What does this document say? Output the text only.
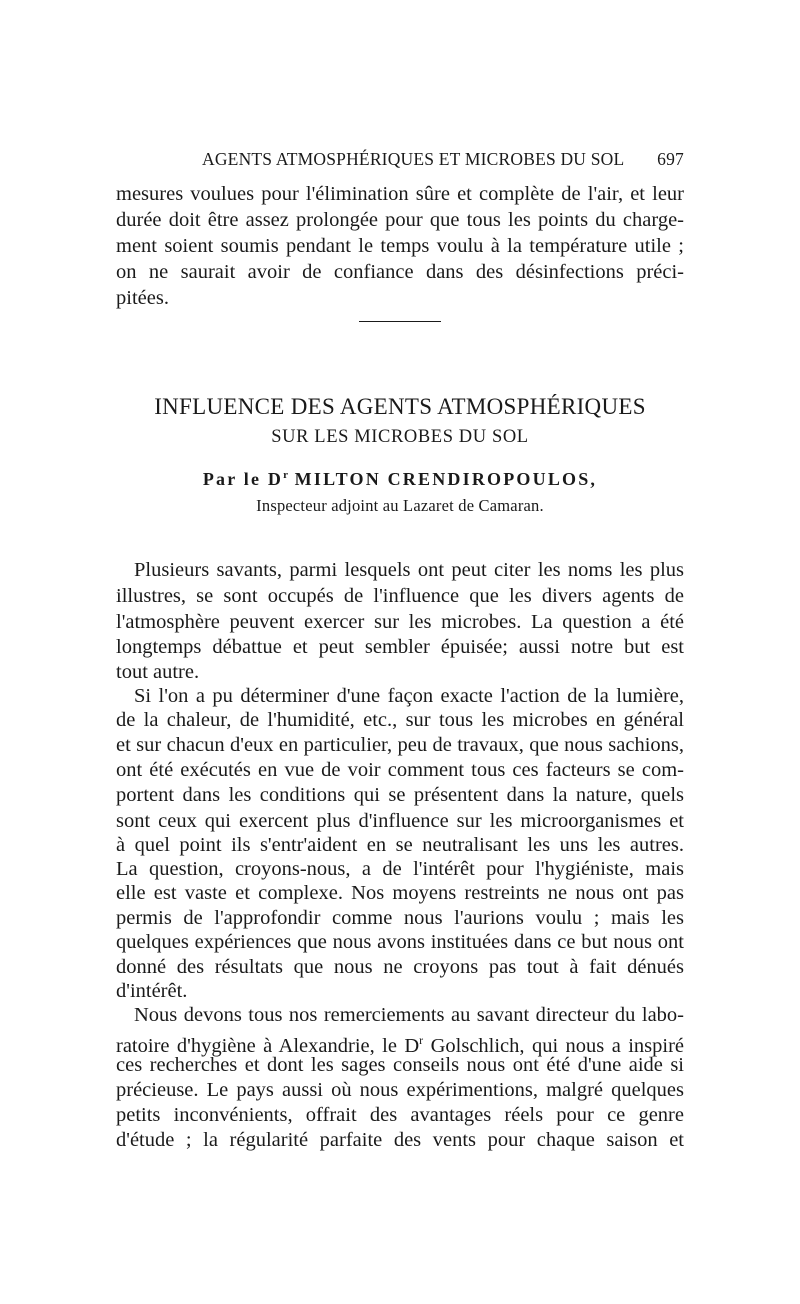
AGENTS ATMOSPHÉRIQUES ET MICROBES DU SOL 697
mesures voulues pour l'élimination sûre et complète de l'air, et leur
durée doit être assez prolongée pour que tous les points du charge-
ment soient soumis pendant le temps voulu à la température utile ;
on ne saurait avoir de confiance dans des désinfections préci-
pitées.
INFLUENCE DES AGENTS ATMOSPHÉRIQUES
SUR LES MICROBES DU SOL
Par le $D^r$ MILTON CRENDIROPOULOS,
Inspecteur adjoint au Lazaret de Camaran.
Plusieurs savants, parmi lesquels ont peut citer les noms les plus
illustres, se sont occupés de l'influence que les divers agents de
l'atmosphère peuvent exercer sur les microbes. La question a été
longtemps débattue et peut sembler épuisée; aussi notre but est
tout autre.
Si l'on a pu déterminer d'une façon exacte l'action de la lumière,
de la chaleur, de l'humidité, etc., sur tous les microbes en général
et sur chacun d'eux en particulier, peu de travaux, que nous sachions,
ont été exécutés en vue de voir comment tous ces facteurs se com-
portent dans les conditions qui se présentent dans la nature, quels
sont ceux qui exercent plus d'influence sur les microorganismes et
à quel point ils s'entr'aident en se neutralisant les uns les autres.
La question, croyons-nous, a de l'intérêt pour l'hygiéniste, mais
elle est vaste et complexe. Nos moyens restreints ne nous ont pas
permis de l'approfondir comme nous l'aurions voulu ; mais les
quelques expériences que nous avons instituées dans ce but nous ont
donné des résultats que nous ne croyons pas tout à fait dénués
d'intérêt.
Nous devons tous nos remerciements au savant directeur du labo-
ratoire d'hygiène à Alexandrie, le $D^r$ Golschlich, qui nous a inspiré
ces recherches et dont les sages conseils nous ont été d'une aide si
précieuse. Le pays aussi où nous expérimentions, malgré quelques
petits inconvénients, offrait des avantages réels pour ce genre
d'étude ; la régularité parfaite des vents pour chaque saison et
